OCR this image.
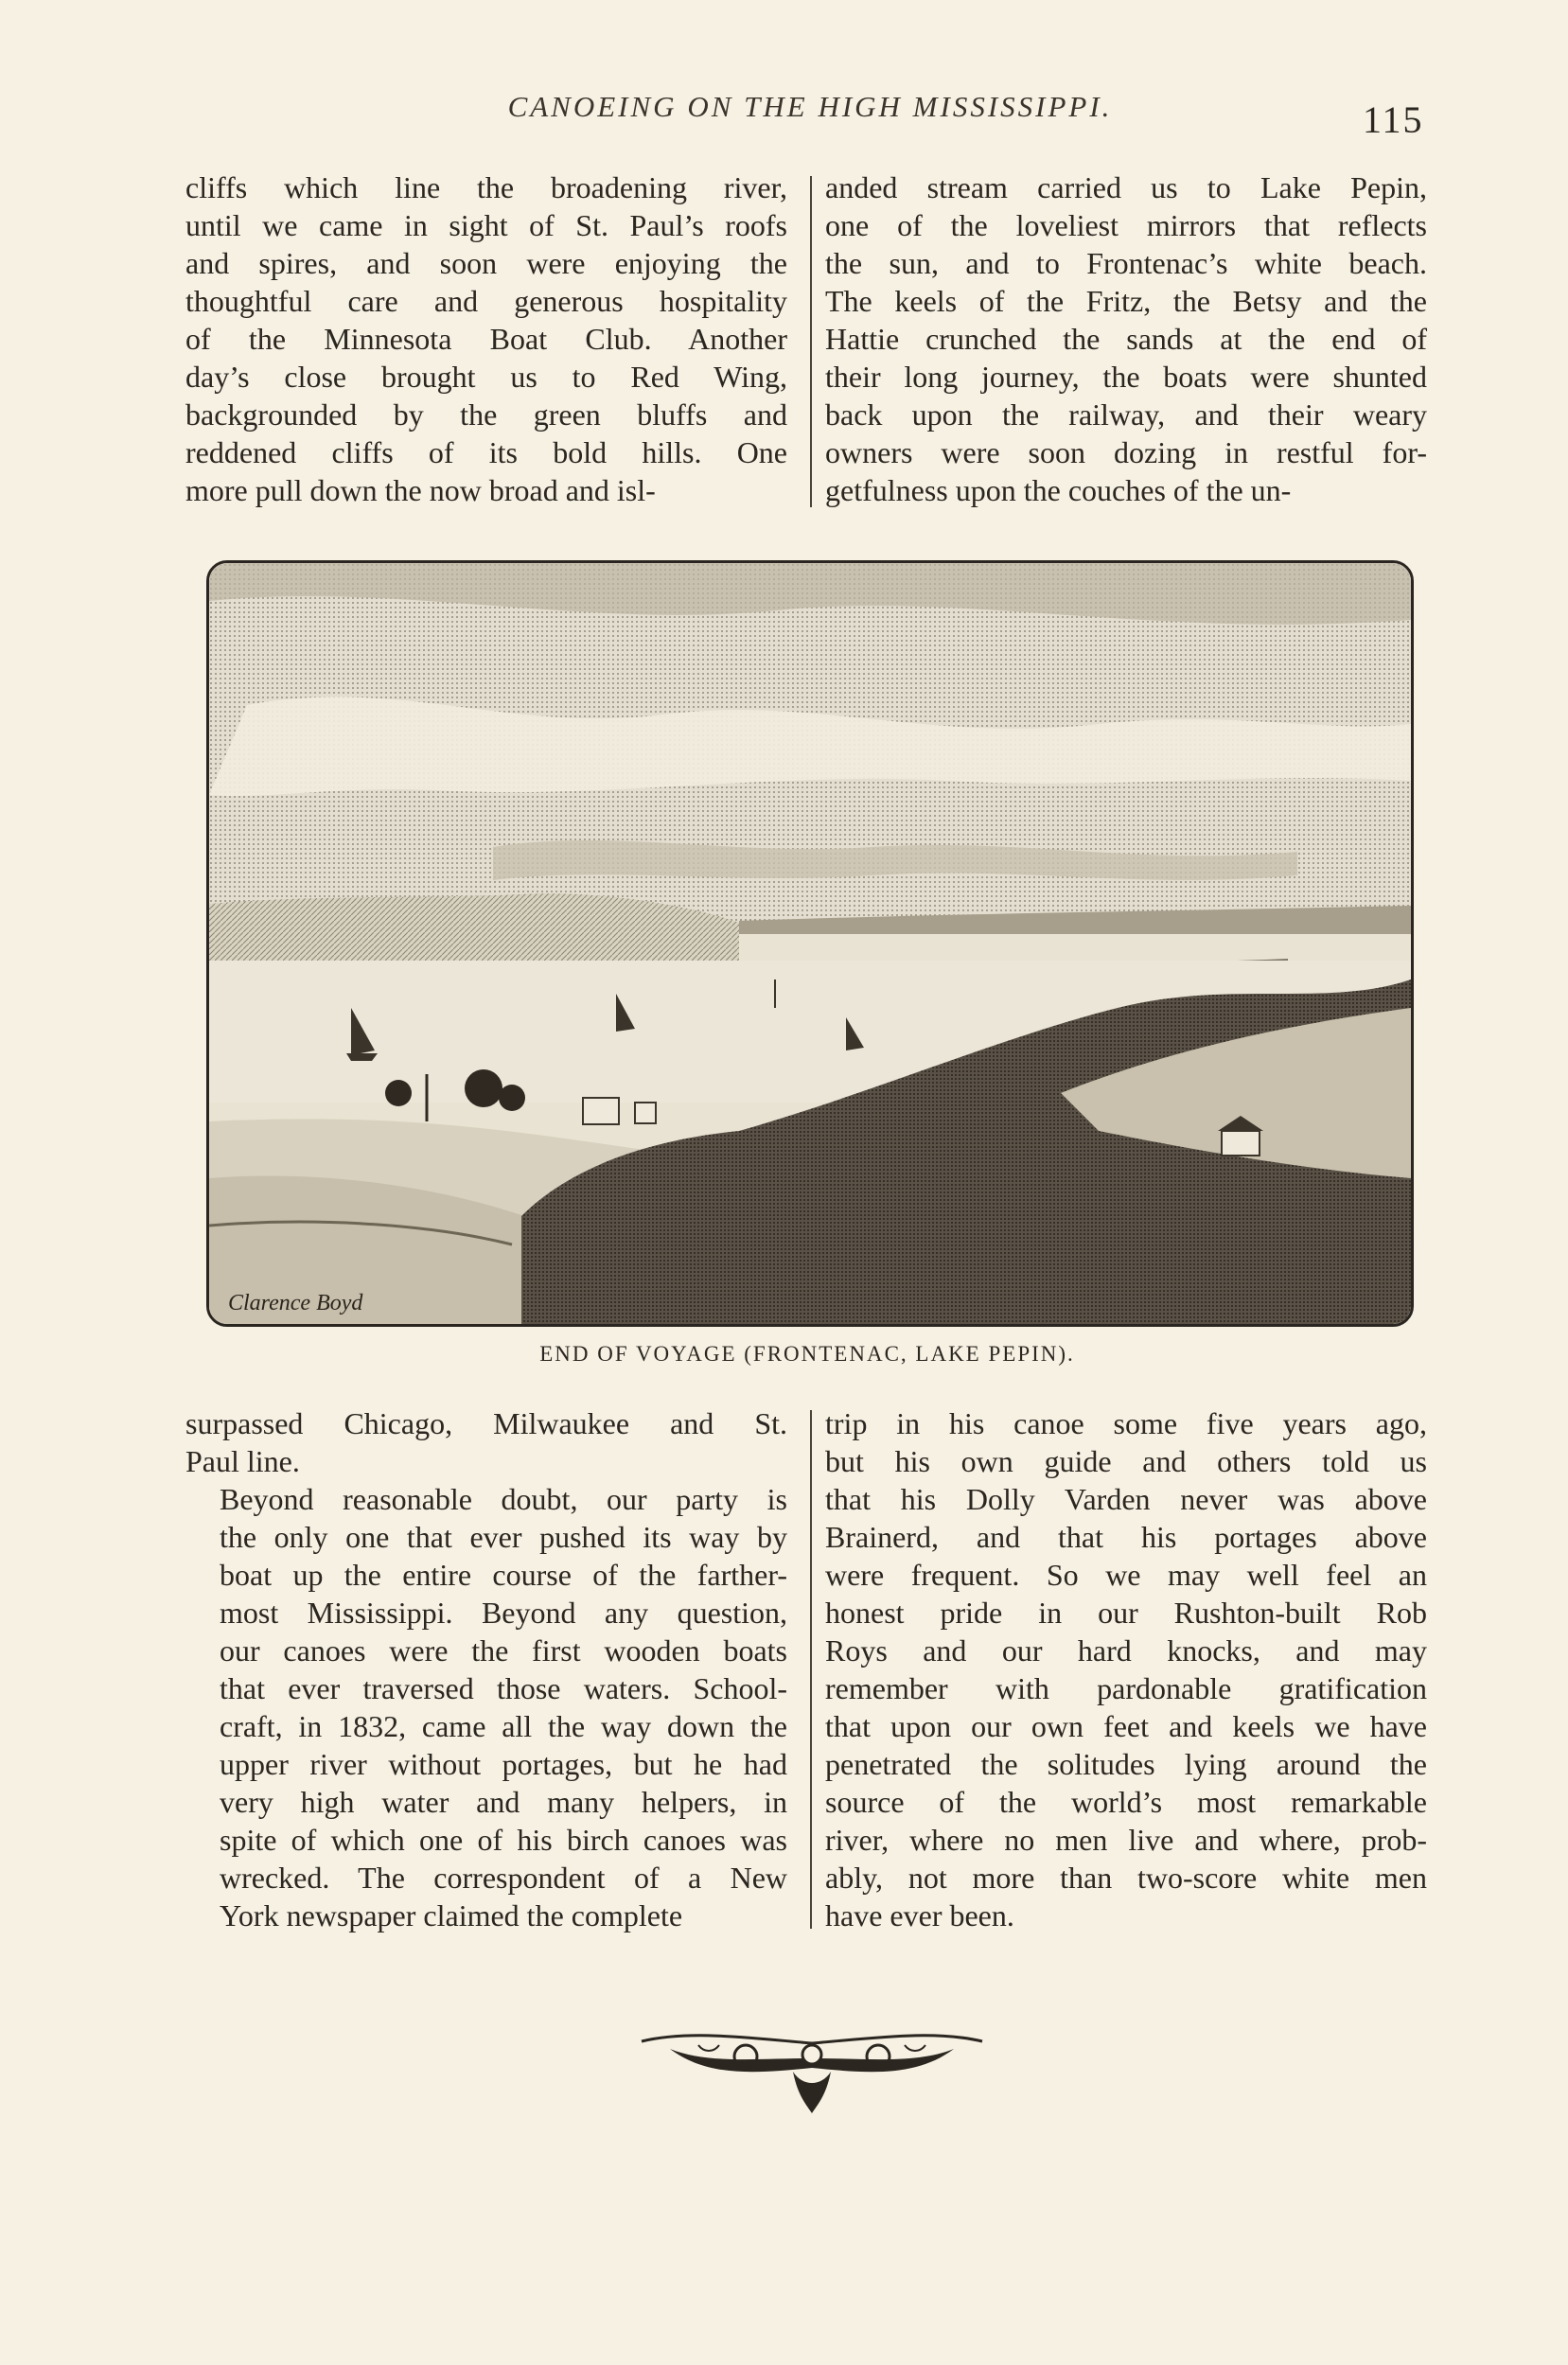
CANOEING ON THE HIGH MISSISSIPPI.	115

cliffs which line the broadening river,
until we came in sight of St. Paul’s roofs
and spires, and soon were enjoying the
thoughtful care and generous hospitality
of the Minnesota Boat Club. Another
day’s close brought us to Red Wing,
backgrounded by the green bluffs and
reddened cliffs of its bold hills. One
more pull down the now broad and isl-

anded stream carried us to Lake Pepin,
one of the loveliest mirrors that reflects
the sun, and to Frontenac’s white beach.
The keels of the Fritz, the Betsy and the
Hattie crunched the sands at the end of
their long journey, the boats were shunted
back upon the railway, and their weary
owners were soon dozing in restful for-
getfulness upon the couches of the un-

Clarence Boyd
END OF VOYAGE (FRONTENAC, LAKE PEPIN).

surpassed Chicago, Milwaukee and St.
Paul line.

Beyond reasonable doubt, our party is
the only one that ever pushed its way by
boat up the entire course of the farther-
most Mississippi. Beyond any question,
our canoes were the first wooden boats
that ever traversed those waters. School-
craft, in 1832, came all the way down the
upper river without portages, but he had
very high water and many helpers, in
spite of which one of his birch canoes was
wrecked. The correspondent of a New
York newspaper claimed the complete

trip in his canoe some five years ago,
but his own guide and others told us
that his Dolly Varden never was above
Brainerd, and that his portages above
were frequent. So we may well feel an
honest pride in our Rushton-built Rob
Roys and our hard knocks, and may
remember with pardonable gratification
that upon our own feet and keels we have
penetrated the solitudes lying around the
source of the world’s most remarkable
river, where no men live and where, prob-
ably, not more than two-score white men
have ever been.
